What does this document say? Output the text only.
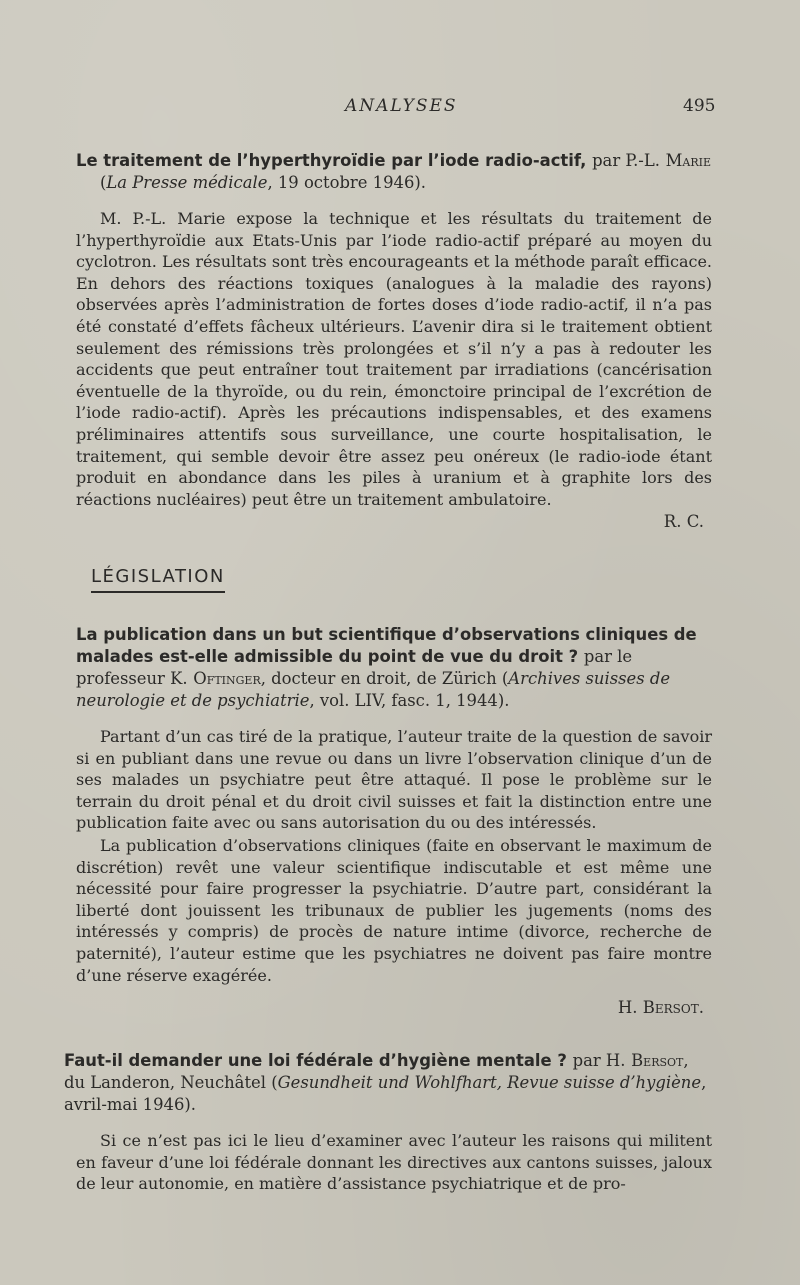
ANALYSES	495
Le traitement de l’hyperthyroïdie par l’iode radio-actif, par P.-L. Marie
(La Presse médicale, 19 octobre 1946).
M. P.-L. Marie expose la technique et les résultats du traitement de l’hyperthyroïdie aux Etats-Unis par l’iode radio-actif préparé au moyen du cyclotron. Les résultats sont très encourageants et la méthode paraît efficace. En dehors des réactions toxiques (analogues à la maladie des rayons) observées après l’administration de fortes doses d’iode radio-actif, il n’a pas été constaté d’effets fâcheux ultérieurs. L’avenir dira si le traitement obtient seulement des rémissions très prolongées et s’il n’y a pas à redouter les accidents que peut entraîner tout traitement par irradiations (cancérisation éventuelle de la thyroïde, ou du rein, émonctoire principal de l’excrétion de l’iode radio-actif). Après les précautions indispensables, et des examens préliminaires attentifs sous surveillance, une courte hospitalisation, le traitement, qui semble devoir être assez peu onéreux (le radio-iode étant produit en abondance dans les piles à uranium et à graphite lors des réactions nucléaires) peut être un traitement ambulatoire.
R. C.
LÉGISLATION
La publication dans un but scientifique d’observations cliniques de malades est-elle admissible du point de vue du droit ? par le professeur K. Oftinger, docteur en droit, de Zürich (Archives suisses de neurologie et de psychiatrie, vol. LIV, fasc. 1, 1944).
Partant d’un cas tiré de la pratique, l’auteur traite de la question de savoir si en publiant dans une revue ou dans un livre l’observation clinique d’un de ses malades un psychiatre peut être attaqué. Il pose le problème sur le terrain du droit pénal et du droit civil suisses et fait la distinction entre une publication faite avec ou sans autorisation du ou des intéressés.
La publication d’observations cliniques (faite en observant le maximum de discrétion) revêt une valeur scientifique indiscutable et est même une nécessité pour faire progresser la psychiatrie. D’autre part, considérant la liberté dont jouissent les tribunaux de publier les jugements (noms des intéressés y compris) de procès de nature intime (divorce, recherche de paternité), l’auteur estime que les psychiatres ne doivent pas faire montre d’une réserve exagérée.
H. Bersot.
Faut-il demander une loi fédérale d’hygiène mentale ? par H. Bersot, du Landeron, Neuchâtel (Gesundheit und Wohlfhart, Revue suisse d’hygiène, avril-mai 1946).
Si ce n’est pas ici le lieu d’examiner avec l’auteur les raisons qui militent en faveur d’une loi fédérale donnant les directives aux cantons suisses, jaloux de leur autonomie, en matière d’assistance psychiatrique et de pro-
